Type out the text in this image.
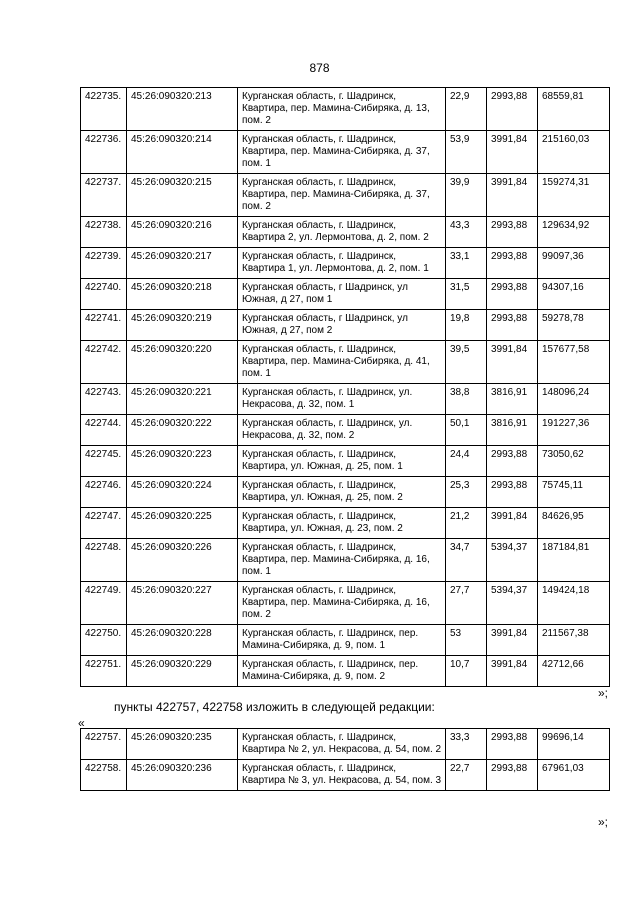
878
422735.	45:26:090320:213	Курганская область, г. Шадринск, Квартира, пер. Мамина-Сибиряка, д. 13, пом. 2	22,9	2993,88	68559,81
422736.	45:26:090320:214	Курганская область, г. Шадринск, Квартира, пер. Мамина-Сибиряка, д. 37, пом. 1	53,9	3991,84	215160,03
422737.	45:26:090320:215	Курганская область, г. Шадринск, Квартира, пер. Мамина-Сибиряка, д. 37, пом. 2	39,9	3991,84	159274,31
422738.	45:26:090320:216	Курганская область, г. Шадринск, Квартира 2, ул. Лермонтова, д. 2, пом. 2	43,3	2993,88	129634,92
422739.	45:26:090320:217	Курганская область, г. Шадринск, Квартира 1, ул. Лермонтова, д. 2, пом. 1	33,1	2993,88	99097,36
422740.	45:26:090320:218	Курганская область, г Шадринск, ул Южная, д 27, пом 1	31,5	2993,88	94307,16
422741.	45:26:090320:219	Курганская область, г Шадринск, ул Южная, д 27, пом 2	19,8	2993,88	59278,78
422742.	45:26:090320:220	Курганская область, г. Шадринск, Квартира, пер. Мамина-Сибиряка, д. 41, пом. 1	39,5	3991,84	157677,58
422743.	45:26:090320:221	Курганская область, г. Шадринск, ул. Некрасова, д. 32, пом. 1	38,8	3816,91	148096,24
422744.	45:26:090320:222	Курганская область, г. Шадринск, ул. Некрасова, д. 32, пом. 2	50,1	3816,91	191227,36
422745.	45:26:090320:223	Курганская область, г. Шадринск, Квартира, ул. Южная, д. 25, пом. 1	24,4	2993,88	73050,62
422746.	45:26:090320:224	Курганская область, г. Шадринск, Квартира, ул. Южная, д. 25, пом. 2	25,3	2993,88	75745,11
422747.	45:26:090320:225	Курганская область, г. Шадринск, Квартира, ул. Южная, д. 23, пом. 2	21,2	3991,84	84626,95
422748.	45:26:090320:226	Курганская область, г. Шадринск, Квартира, пер. Мамина-Сибиряка, д. 16, пом. 1	34,7	5394,37	187184,81
422749.	45:26:090320:227	Курганская область, г. Шадринск, Квартира, пер. Мамина-Сибиряка, д. 16, пом. 2	27,7	5394,37	149424,18
422750.	45:26:090320:228	Курганская область, г. Шадринск, пер. Мамина-Сибиряка, д. 9, пом. 1	53	3991,84	211567,38
422751.	45:26:090320:229	Курганская область, г. Шадринск, пер. Мамина-Сибиряка, д. 9, пом. 2	10,7	3991,84	42712,66
»;
пункты 422757, 422758 изложить в следующей редакции:
«
422757.	45:26:090320:235	Курганская область, г. Шадринск, Квартира № 2, ул. Некрасова, д. 54, пом. 2	33,3	2993,88	99696,14
422758.	45:26:090320:236	Курганская область, г. Шадринск, Квартира № 3, ул. Некрасова, д. 54, пом. 3	22,7	2993,88	67961,03
»;
